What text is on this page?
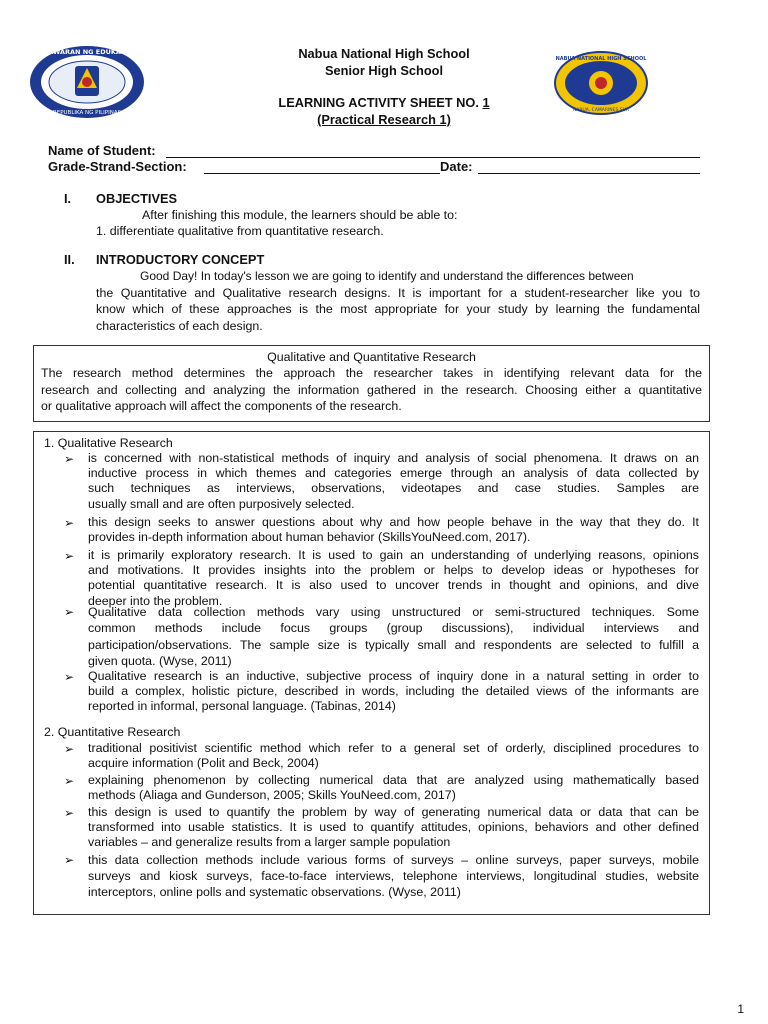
KAGAWARAN NG EDUKASYON
REPUBLIKA NG PILIPINAS
NABUA NATIONAL HIGH SCHOOL
NABUA, CAMARINES SUR
Nabua National High School
Senior High School
LEARNING ACTIVITY SHEET NO. 1
(Practical Research 1)
Name of Student:
Grade-Strand-Section:	Date:
I. OBJECTIVES
After finishing this module, the learners should be able to:
1. differentiate qualitative from quantitative research.
II. INTRODUCTORY CONCEPT
Good Day! In today's lesson we are going to identify and understand the differences between
the Quantitative and Qualitative research designs. It is important for a student-researcher like you to
know which of these approaches is the most appropriate for your study by learning the fundamental
characteristics of each design.
Qualitative and Quantitative Research
The research method determines the approach the researcher takes in identifying relevant data for the
research and collecting and analyzing the information gathered in the research. Choosing either a quantitative
or qualitative approach will affect the components of the research.
1. Qualitative Research
➢ is concerned with non-statistical methods of inquiry and analysis of social phenomena. It draws on an
inductive process in which themes and categories emerge through an analysis of data collected by
such techniques as interviews, observations, videotapes and case studies. Samples are
usually small and are often purposively selected.
➢ this design seeks to answer questions about why and how people behave in the way that they do. It
provides in-depth information about human behavior (SkillsYouNeed.com, 2017).
➢ it is primarily exploratory research. It is used to gain an understanding of underlying reasons, opinions
and motivations. It provides insights into the problem or helps to develop ideas or hypotheses for
potential quantitative research. It is also used to uncover trends in thought and opinions, and dive
deeper into the problem.
➢ Qualitative data collection methods vary using unstructured or semi-structured techniques. Some
common methods include focus groups (group discussions), individual interviews and
participation/observations. The sample size is typically small and respondents are selected to fulfill a
given quota. (Wyse, 2011)
➢ Qualitative research is an inductive, subjective process of inquiry done in a natural setting in order to
build a complex, holistic picture, described in words, including the detailed views of the informants are
reported in informal, personal language. (Tabinas, 2014)
2. Quantitative Research
➢ traditional positivist scientific method which refer to a general set of orderly, disciplined procedures to
acquire information (Polit and Beck, 2004)
➢ explaining phenomenon by collecting numerical data that are analyzed using mathematically based
methods (Aliaga and Gunderson, 2005; Skills YouNeed.com, 2017)
➢ this design is used to quantify the problem by way of generating numerical data or data that can be
transformed into usable statistics. It is used to quantify attitudes, opinions, behaviors and other defined
variables – and generalize results from a larger sample population
➢ this data collection methods include various forms of surveys – online surveys, paper surveys, mobile
surveys and kiosk surveys, face-to-face interviews, telephone interviews, longitudinal studies, website
interceptors, online polls and systematic observations. (Wyse, 2011)
1
